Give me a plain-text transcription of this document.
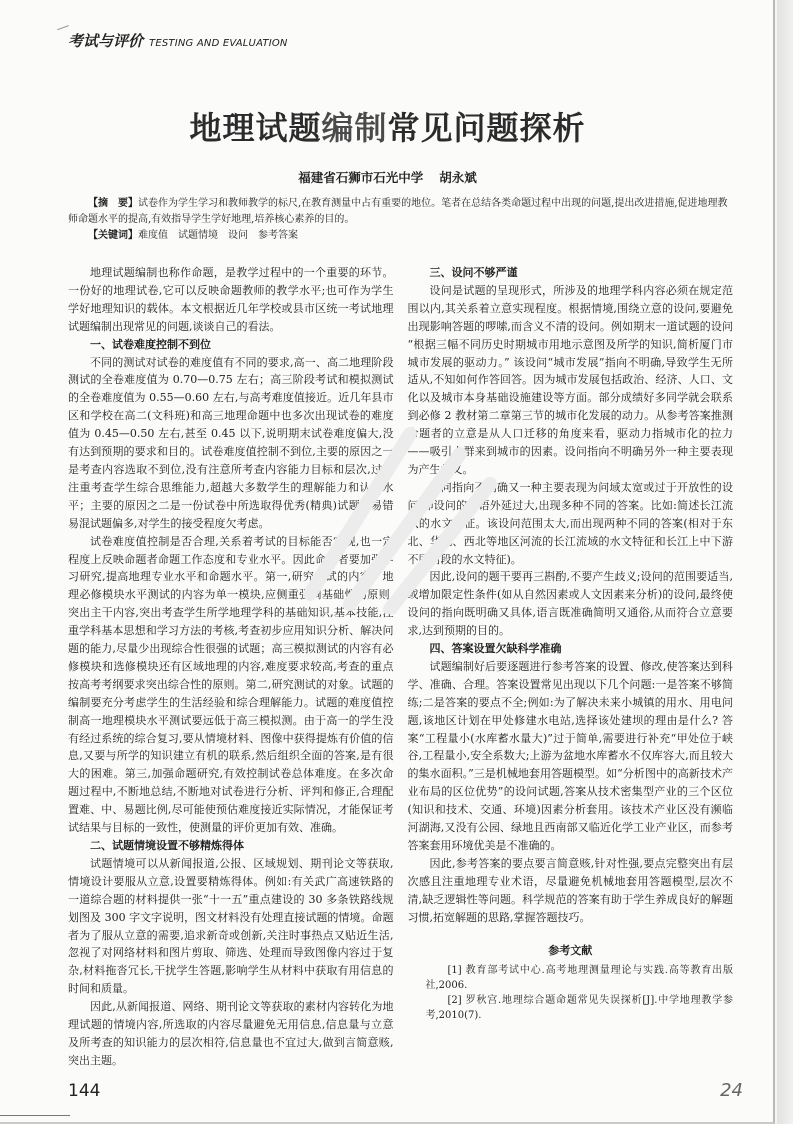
考试与评价 TESTING AND EVALUATION
地理试题编制常见问题探析
福建省石狮市石光中学 胡永斌

【摘　要】试卷作为学生学习和教师教学的标尺,在教育测量中占有重要的地位。笔者在总结各类命题过程中出现的问题,提出改进措施,促进地理教师命题水平的提高,有效指导学生学好地理,培养核心素养的目的。

【关键词】难度值 试题情境 设问 参考答案

地理试题编制也称作命题，是教学过程中的一个重要的环节。一份好的地理试卷,它可以反映命题教师的教学水平;也可作为学生学好地理知识的载体。本文根据近几年学校或县市区统一考试地理试题编制出现常见的问题,谈谈自己的看法。

一、试卷难度控制不到位

不同的测试对试卷的难度值有不同的要求,高一、高二地理阶段测试的全卷难度值为 0.70—0.75 左右；高三阶段考试和模拟测试的全卷难度值为 0.55—0.60 左右,与高考难度值接近。近几年县市区和学校在高二(文科班)和高三地理命题中也多次出现试卷的难度值为 0.45—0.50 左右,甚至 0.45 以下,说明期末试卷难度偏大,没有达到预期的要求和目的。试卷难度值控制不到位,主要的原因之一是考查内容选取不到位,没有注意所考查内容能力目标和层次,过于注重考查学生综合思维能力,超越大多数学生的理解能力和认知水平；主要的原因之二是一份试卷中所选取得优秀(精典)试题或易错易混试题偏多,对学生的接受程度欠考虑。

试卷难度值控制是否合理,关系着考试的目标能否实现,也一定程度上反映命题者命题工作态度和专业水平。因此命题者要加强学习研究,提高地理专业水平和命题水平。第一,研究考试的内容。地理必修模块水平测试的内容为单一模块,应侧重强调基础性的原则,突出主干内容,突出考查学生所学地理学科的基础知识,基本技能,注重学科基本思想和学习方法的考核,考查初步应用知识分析、解决问题的能力,尽量少出现综合性很强的试题；高三模拟测试的内容有必修模块和选修模块还有区域地理的内容,难度要求较高,考查的重点按高考考纲要求突出综合性的原则。第二,研究测试的对象。试题的编制要充分考虑学生的生活经验和综合理解能力。试题的难度值控制高一地理模块水平测试要远低于高三模拟测。由于高一的学生没有经过系统的综合复习,要从情境材料、图像中获得提炼有价值的信息,又要与所学的知识建立有机的联系,然后组织全面的答案,是有很大的困难。第三,加强命题研究,有效控制试卷总体难度。在多次命题过程中,不断地总结,不断地对试卷进行分析、评判和修正,合理配置难、中、易题比例,尽可能使预估难度接近实际情况，才能保证考试结果与目标的一致性，使测量的评价更加有效、准确。

二、试题情境设置不够精炼得体

试题情境可以从新闻报道,公报、区域规划、期刊论文等获取,情境设计要服从立意,设置要精炼得体。例如:有关武广高速铁路的一道综合题的材料提供一张“十一五”重点建设的 30 多条铁路线规划图及 300 字文字说明，图文材料没有处理直接试题的情境。命题者为了服从立意的需要,追求新奇或创新,关注时事热点又贴近生活,忽视了对网络材料和图片剪取、筛选、处理而导致图像内容过于复杂,材料拖沓冗长,干扰学生答题,影响学生从材料中获取有用信息的时间和质量。

因此,从新闻报道、网络、期刊论文等获取的素材内容转化为地理试题的情境内容,所选取的内容尽量避免无用信息,信息量与立意及所考查的知识能力的层次相符,信息量也不宜过大,做到言简意赅,突出主题。

三、设问不够严谨

设问是试题的呈现形式，所涉及的地理学科内容必须在规定范围以内,其关系着立意实现程度。根据情境,围绕立意的设问,要避免出现影响答题的啰嗦,而含义不清的设问。例如期末一道试题的设问 “根据三幅不同历史时期城市用地示意图及所学的知识,简析厦门市城市发展的驱动力。” 该设问“城市发展”指向不明确,导致学生无所适从,不知如何作答回答。因为城市发展包括政治、经济、人口、文化以及城市本身基础设施建设等方面。部分成绩好多同学就会联系到必修 2 教材第二章第三节的城市化发展的动力。从参考答案推测命题者的立意是从人口迁移的角度来看，驱动力指城市化的拉力——吸引人群来到城市的因素。设问指向不明确另外一种主要表现为产生歧义。

设问指向不明确又一种主要表现为问域太宽或过于开放性的设问,即设问的词语外延过大,出现多种不同的答案。比如:简述长江流域的水文特征。该设问范围太大,而出现两种不同的答案(相对于东北、华北、西北等地区河流的长江流域的水文特征和长江上中下游不同河段的水文特征)。

因此,设问的题干要再三斟酌,不要产生歧义;设问的范围要适当,或增加限定性条件(如从自然因素或人文因素来分析)的设问,最终使设问的指向既明确又具体,语言既准确简明又通俗,从而符合立意要求,达到预期的目的。

四、答案设置欠缺科学准确

试题编制好后要逐题进行参考答案的设置、修改,使答案达到科学、准确、合理。答案设置常见出现以下几个问题:一是答案不够简练;二是答案的要点不全;例如:为了解决未来小城镇的用水、用电问题,该地区计划在甲处修建水电站,选择该处建坝的理由是什么? 答案“工程量小(水库蓄水量大)”过于简单,需要进行补充“甲处位于峡谷,工程量小,安全系数大;上游为盆地水库蓄水不仅库容大,而且较大的集水面积。”三是机械地套用答题模型。如“分析图中的高新技术产业布局的区位优势”的设问试题,答案从技术密集型产业的三个区位(知识和技术、交通、环境)因素分析套用。该技术产业区没有濒临河湖海,又没有公园、绿地且西南部又临近化学工业产业区，而参考答案套用环境优美是不准确的。

因此,参考答案的要点要言简意赅,针对性强,要点完整突出有层次感且注重地理专业术语，尽量避免机械地套用答题模型,层次不清,缺乏逻辑性等问题。科学规范的答案有助于学生养成良好的解题习惯,拓宽解题的思路,掌握答题技巧。

参考文献

[1] 教育部考试中心.高考地理测量理论与实践.高等教育出版社,2006.

[2] 罗秋宫.地理综合题命题常见失误探析[J].中学地理教学参考,2010(7).

144	24
